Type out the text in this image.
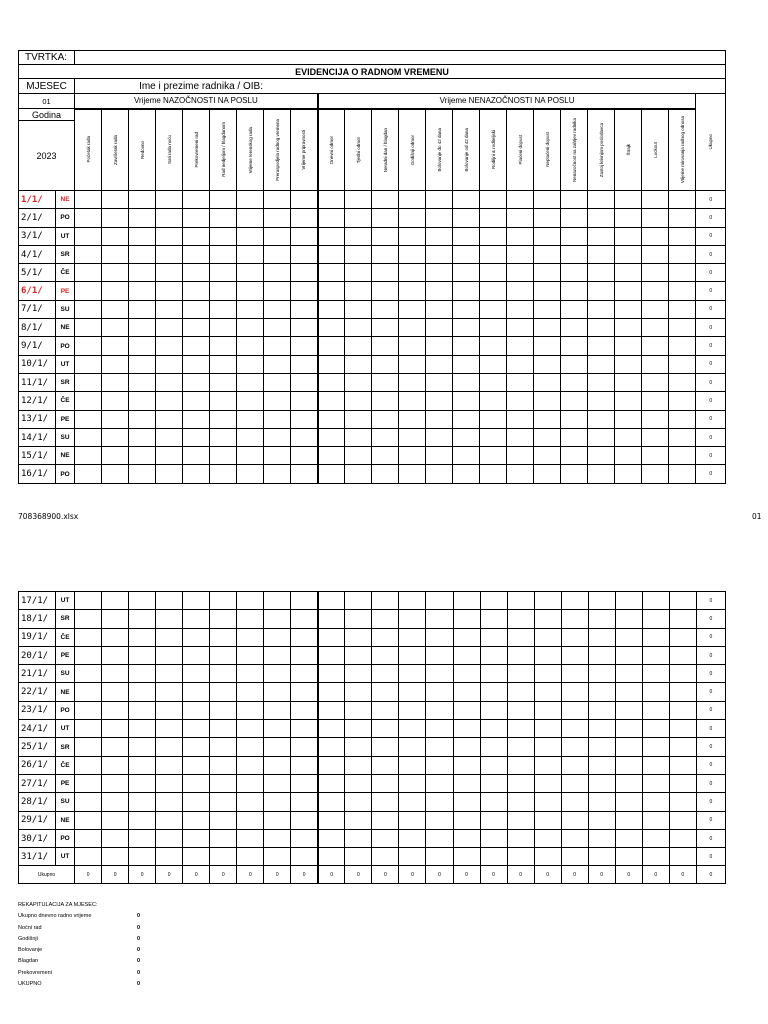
TVRTKA:																									
EVIDENCIJA O RADNOM VREMENU																									
MJESEC		Ime i prezime radnika / OIB:																							
01		Vrijeme NAZOČNOSTI NA POSLU									Vrijeme NENAZOČNOSTI NA POSLU														Ukupno

Godina		Početak rada	Završetak rada	Redovno	Sati rada noću	Prekovremeni rad	Rad nedjeljom / blagdanom	Vrijeme terenskog rada	Preraspodjela radnog vremena	Vrijeme pripravnosti	Dnevni odmor	Tjedni odmor	Neradni dan / blagdan	Godišnji odmor	Bolovanje do 42 dana	Bolovanje od 42 dana	Rodiljni & roditeljski	Plaćeni dopust	Neplaćeni dopust	Nenazočnost na zahtjev radnika	Zastoj krivnjom poslodavca	Štrajk	Lockout	Vrijeme mirovanja radnog odnosa	

2023																									
1/1/	NE																								0
2/1/	PO																								0
3/1/	UT																								0
4/1/	SR																								0
5/1/	ČE																								0
6/1/	PE																								0
7/1/	SU																								0
8/1/	NE																								0
9/1/	PO																								0
10/1/	UT																								0
11/1/	SR																								0
12/1/	ČE																								0
13/1/	PE																								0
14/1/	SU																								0
15/1/	NE																								0
16/1/	PO																								0
708368900.xlsx	01
17/1/	UT																								0
18/1/	SR																								0
19/1/	ČE																								0
20/1/	PE																								0
21/1/	SU																								0
22/1/	NE																								0
23/1/	PO																								0
24/1/	UT																								0
25/1/	SR																								0
26/1/	ČE																								0
27/1/	PE																								0
28/1/	SU																								0
29/1/	NE																								0
30/1/	PO																								0
31/1/	UT																								0
Ukupno		0	0	0	0	0	0	0	0	0	0	0	0	0	0	0	0	0	0	0	0	0	0	0	0
REKAPITULACIJA ZA MJESEC:
Ukupno dnevno radno vrijeme	0
Noćni rad	0
Godišnji	0
Bolovanje	0
Blagdan	0
Prekovremeni	0
UKUPNO	0
